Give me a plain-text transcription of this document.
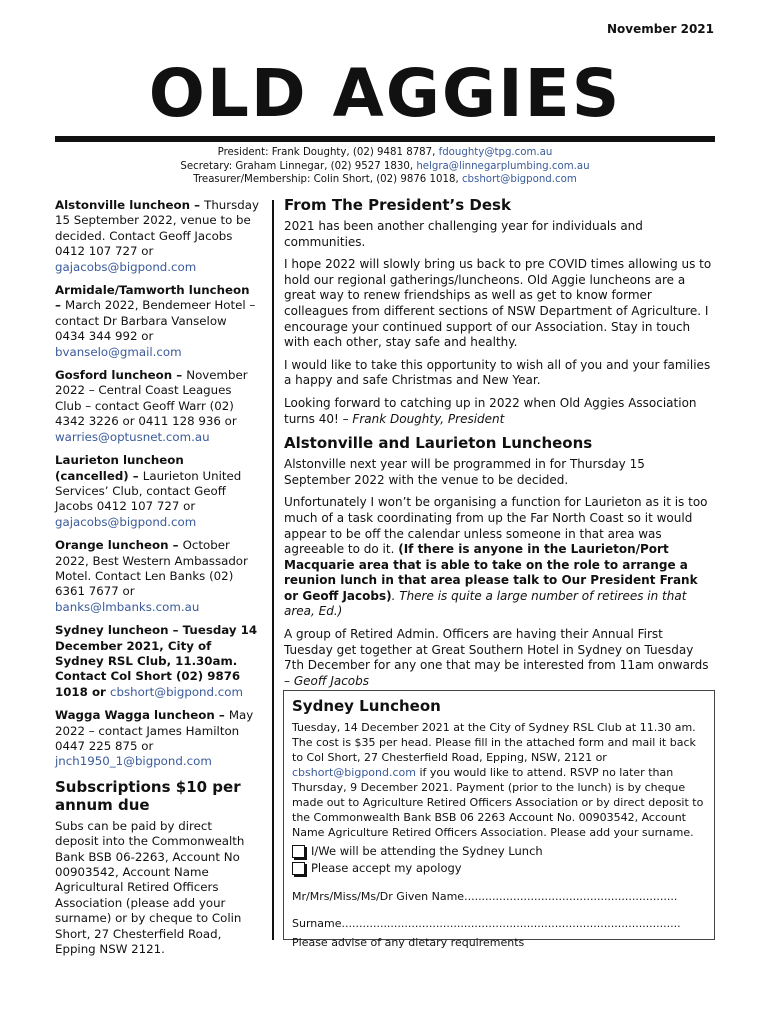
November 2021
OLD AGGIES
President: Frank Doughty, (02) 9481 8787, fdoughty@tpg.com.au
Secretary: Graham Linnegar, (02) 9527 1830, helgra@linnegarplumbing.com.au
Treasurer/Membership: Colin Short, (02) 9876 1018, cbshort@bigpond.com
Alstonville luncheon – Thursday 15 September 2022, venue to be decided. Contact Geoff Jacobs 0412 107 727 or gajacobs@bigpond.com
Armidale/Tamworth luncheon – March 2022, Bendemeer Hotel – contact Dr Barbara Vanselow 0434 344 992 or bvanselo@gmail.com
Gosford luncheon – November 2022 – Central Coast Leagues Club – contact Geoff Warr (02) 4342 3226 or 0411 128 936 or warries@optusnet.com.au
Laurieton luncheon (cancelled) – Laurieton United Services’ Club, contact Geoff Jacobs 0412 107 727 or gajacobs@bigpond.com
Orange luncheon – October 2022, Best Western Ambassador Motel. Contact Len Banks (02) 6361 7677 or banks@lmbanks.com.au
Sydney luncheon – Tuesday 14 December 2021, City of Sydney RSL Club, 11.30am. Contact Col Short (02) 9876 1018 or cbshort@bigpond.com
Wagga Wagga luncheon – May 2022 – contact James Hamilton 0447 225 875 or jnch1950_1@bigpond.com
Subscriptions $10 per annum due
Subs can be paid by direct deposit into the Commonwealth Bank BSB 06-2263, Account No 00903542, Account Name Agricultural Retired Officers Association (please add your surname) or by cheque to Colin Short, 27 Chesterfield Road, Epping NSW 2121.
From The President’s Desk

2021 has been another challenging year for individuals and communities.

I hope 2022 will slowly bring us back to pre COVID times allowing us to hold our regional gatherings/luncheons. Old Aggie luncheons are a great way to renew friendships as well as get to know former colleagues from different sections of NSW Department of Agriculture. I encourage your continued support of our Association. Stay in touch with each other, stay safe and healthy.

I would like to take this opportunity to wish all of you and your families a happy and safe Christmas and New Year.

Looking forward to catching up in 2022 when Old Aggies Association turns 40! – Frank Doughty, President

Alstonville and Laurieton Luncheons

Alstonville next year will be programmed in for Thursday 15 September 2022 with the venue to be decided.

Unfortunately I won’t be organising a function for Laurieton as it is too much of a task coordinating from up the Far North Coast so it would appear to be off the calendar unless someone in that area was agreeable to do it. (If there is anyone in the Laurieton/Port Macquarie area that is able to take on the role to arrange a reunion lunch in that area please talk to Our President Frank or Geoff Jacobs). There is quite a large number of retirees in that area, Ed.)

A group of Retired Admin. Officers are having their Annual First Tuesday get together at Great Southern Hotel in Sydney on Tuesday 7th December for any one that may be interested from 11am onwards
– Geoff Jacobs

Sydney Luncheon
Tuesday, 14 December 2021 at the City of Sydney RSL Club at 11.30 am. The cost is $35 per head. Please fill in the attached form and mail it back to Col Short, 27 Chesterfield Road, Epping, NSW, 2121 or cbshort@bigpond.com if you would like to attend. RSVP no later than Thursday, 9 December 2021. Payment (prior to the lunch) is by cheque made out to Agriculture Retired Officers Association or by direct deposit to the Commonwealth Bank BSB 06 2263 Account No. 00903542, Account Name Agriculture Retired Officers Association. Please add your surname.
I/We will be attending the Sydney Lunch
Please accept my apology
Mr/Mrs/Miss/Ms/Dr Given Name.............................................................
Surname.................................................................................................
Please advise of any dietary requirements
